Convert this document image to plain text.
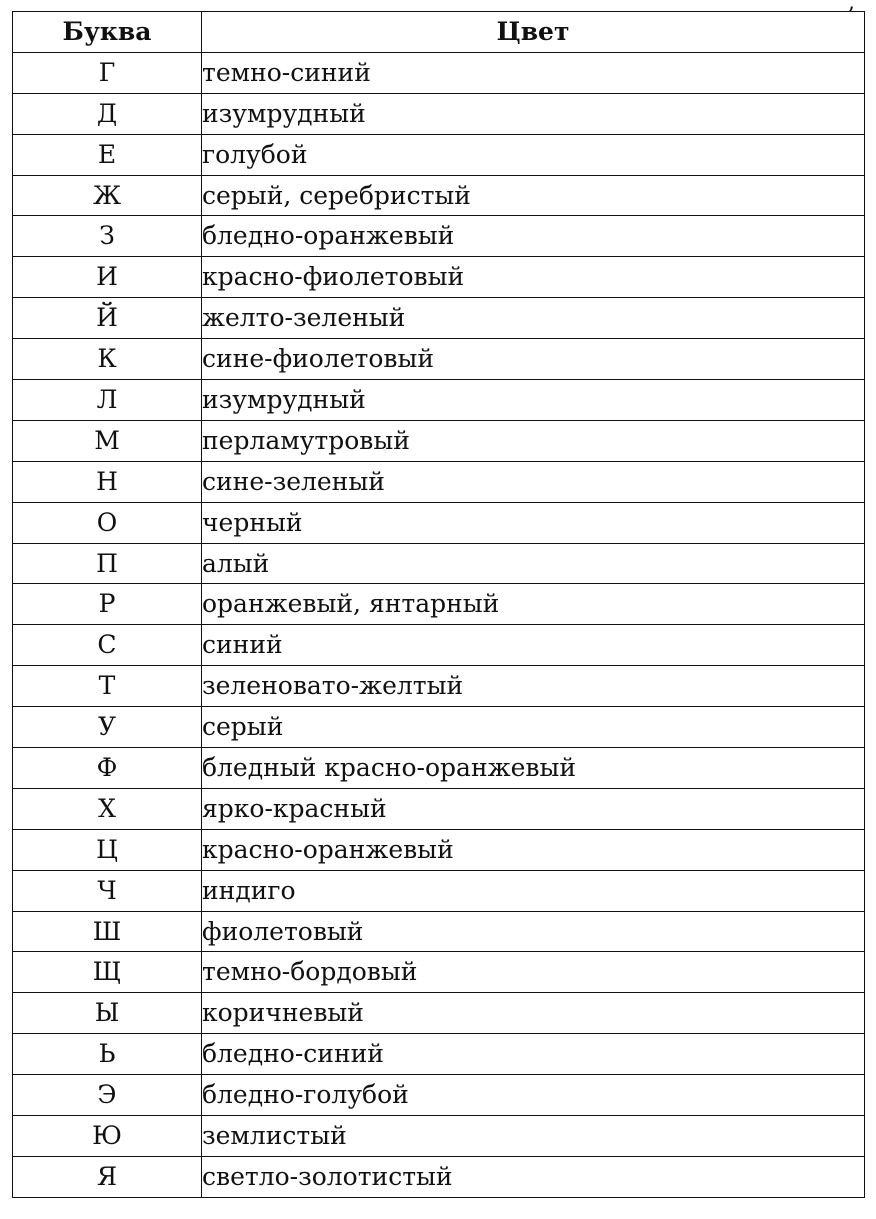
,
Буква	Цвет
Г	темно-синий
Д	изумрудный
Е	голубой
Ж	серый, серебристый
З	бледно-оранжевый
И	красно-фиолетовый
Й	желто-зеленый
К	сине-фиолетовый
Л	изумрудный
М	перламутровый
Н	сине-зеленый
О	черный
П	алый
Р	оранжевый, янтарный
С	синий
Т	зеленовато-желтый
У	серый
Ф	бледный красно-оранжевый
Х	ярко-красный
Ц	красно-оранжевый
Ч	индиго
Ш	фиолетовый
Щ	темно-бордовый
Ы	коричневый
Ь	бледно-синий
Э	бледно-голубой
Ю	землистый
Я	светло-золотистый
